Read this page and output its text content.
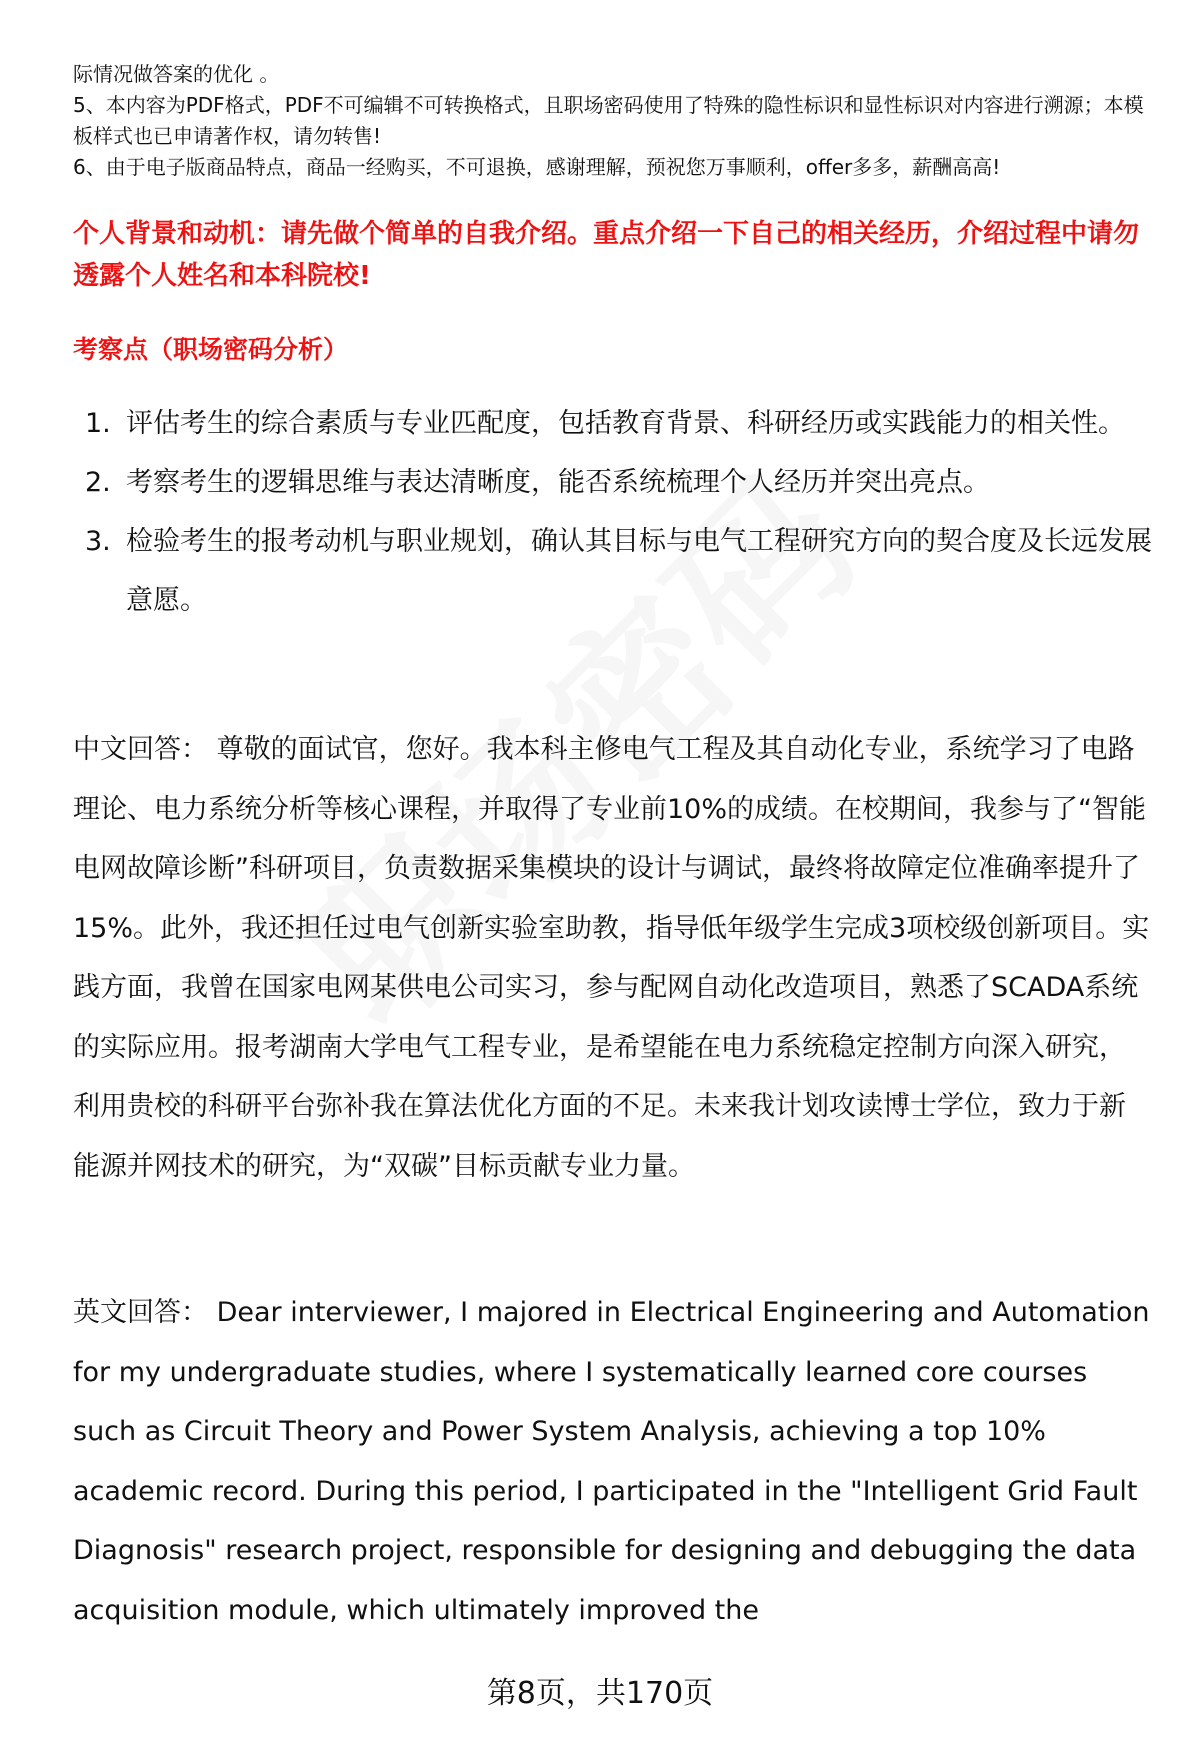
际情况做答案的优化 。
5、本内容为PDF格式，PDF不可编辑不可转换格式，且职场密码使用了特殊的隐性标识和显性标识对内容进行溯源；本模板样式也已申请著作权，请勿转售!
6、由于电子版商品特点，商品一经购买，不可退换，感谢理解，预祝您万事顺利，offer多多，薪酬高高!
个人背景和动机：请先做个简单的自我介绍。重点介绍一下自己的相关经历，介绍过程中请勿透露个人姓名和本科院校!
考察点（职场密码分析）
1. 评估考生的综合素质与专业匹配度，包括教育背景、科研经历或实践能力的相关性。
2. 考察考生的逻辑思维与表达清晰度，能否系统梳理个人经历并突出亮点。
3. 检验考生的报考动机与职业规划，确认其目标与电气工程研究方向的契合度及长远发展意愿。
中文回答： 尊敬的面试官，您好。我本科主修电气工程及其自动化专业，系统学习了电路理论、电力系统分析等核心课程，并取得了专业前10%的成绩。在校期间，我参与了“智能电网故障诊断”科研项目，负责数据采集模块的设计与调试，最终将故障定位准确率提升了15%。此外，我还担任过电气创新实验室助教，指导低年级学生完成3项校级创新项目。实践方面，我曾在国家电网某供电公司实习，参与配网自动化改造项目，熟悉了SCADA系统的实际应用。报考湖南大学电气工程专业，是希望能在电力系统稳定控制方向深入研究，利用贵校的科研平台弥补我在算法优化方面的不足。未来我计划攻读博士学位，致力于新能源并网技术的研究，为“双碳”目标贡献专业力量。
英文回答： Dear interviewer, I majored in Electrical Engineering and Automation for my undergraduate studies, where I systematically learned core courses such as Circuit Theory and Power System Analysis, achieving a top 10% academic record. During this period, I participated in the "Intelligent Grid Fault Diagnosis" research project, responsible for designing and debugging the data acquisition module, which ultimately improved the
第8页，共170页
